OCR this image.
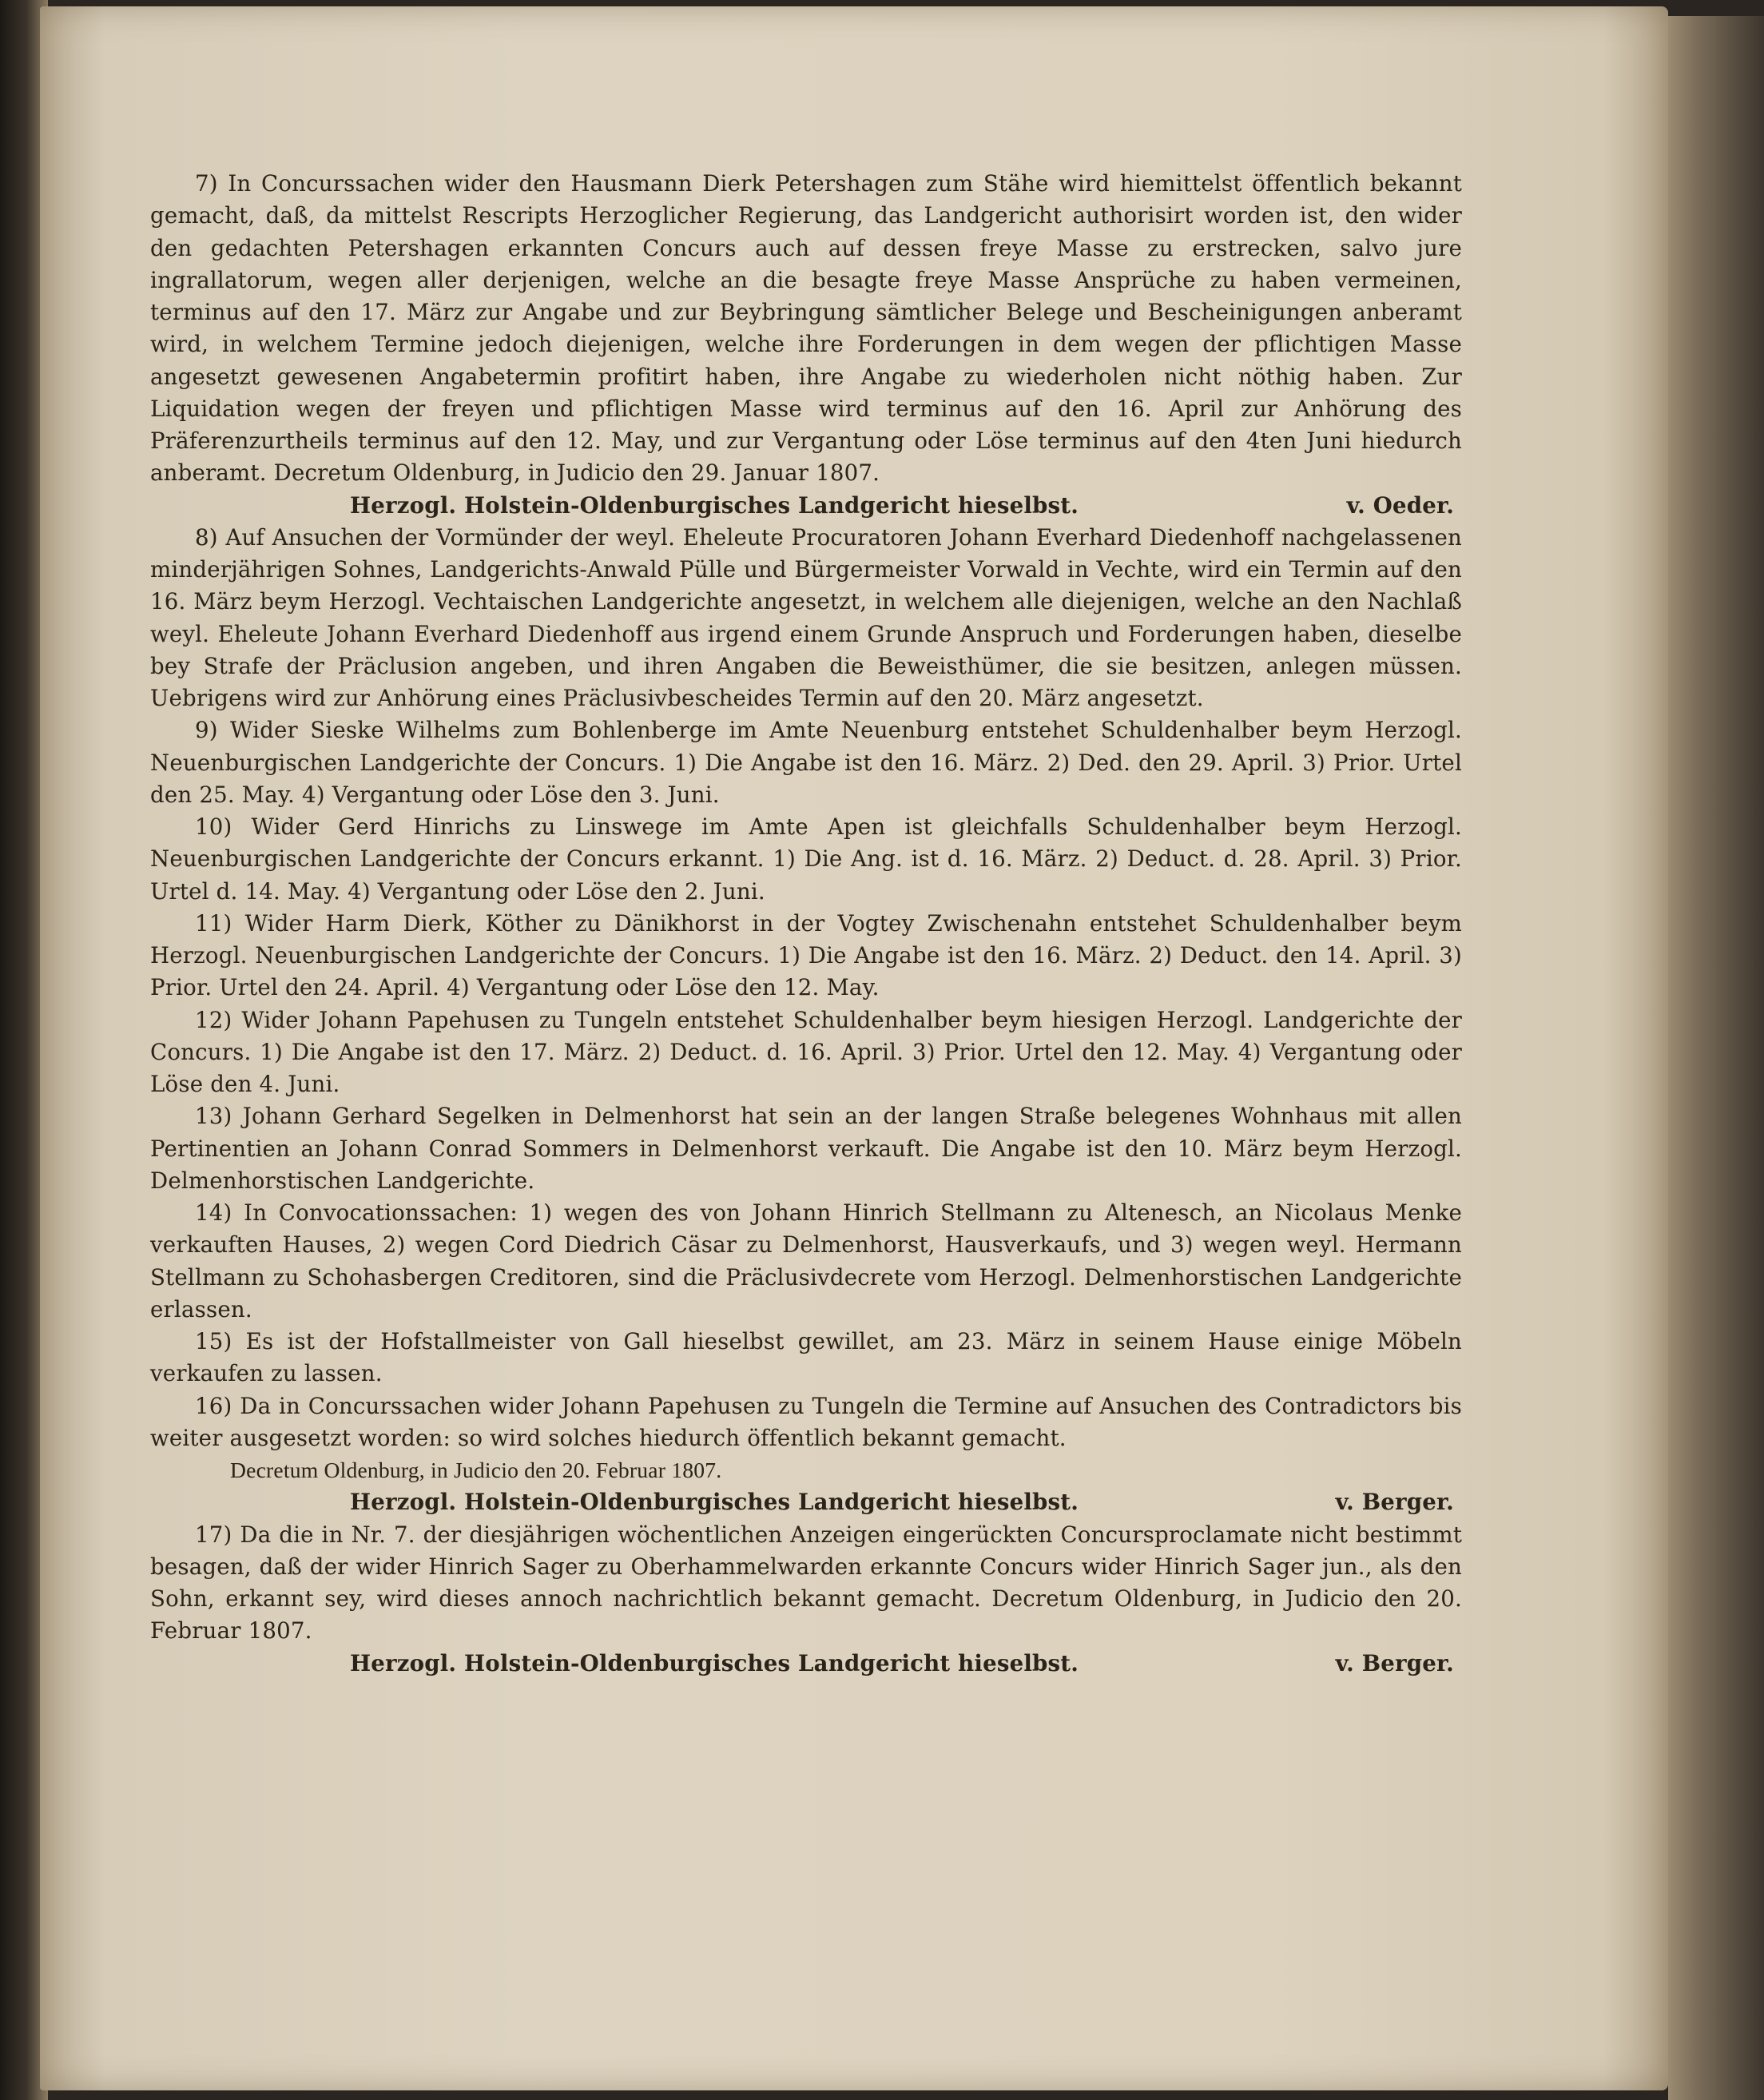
7) In Concurssachen wider den Hausmann Dierk Petershagen zum Stähe wird hiemittelst öffentlich bekannt gemacht, daß, da mittelst Rescripts Herzoglicher Regierung, das Landgericht authorisirt worden ist, den wider den gedachten Petershagen erkannten Concurs auch auf dessen freye Masse zu erstrecken, salvo jure ingrallatorum, wegen aller derjenigen, welche an die besagte freye Masse Ansprüche zu haben vermeinen, terminus auf den 17. März zur Angabe und zur Beybringung sämtlicher Belege und Bescheinigungen anberamt wird, in welchem Termine jedoch diejenigen, welche ihre Forderungen in dem wegen der pflichtigen Masse angesetzt gewesenen Angabetermin profitirt haben, ihre Angabe zu wiederholen nicht nöthig haben. Zur Liquidation wegen der freyen und pflichtigen Masse wird terminus auf den 16. April zur Anhörung des Präferenzurtheils terminus auf den 12. May, und zur Vergantung oder Löse terminus auf den 4ten Juni hiedurch anberamt. Decretum Oldenburg, in Judicio den 29. Januar 1807.

Herzogl. Holstein-Oldenburgisches Landgericht hieselbst.	v. Oeder.

8) Auf Ansuchen der Vormünder der weyl. Eheleute Procuratoren Johann Everhard Diedenhoff nachgelassenen minderjährigen Sohnes, Landgerichts-Anwald Pülle und Bürgermeister Vorwald in Vechte, wird ein Termin auf den 16. März beym Herzogl. Vechtaischen Landgerichte angesetzt, in welchem alle diejenigen, welche an den Nachlaß weyl. Eheleute Johann Everhard Diedenhoff aus irgend einem Grunde Anspruch und Forderungen haben, dieselbe bey Strafe der Präclusion angeben, und ihren Angaben die Beweisthümer, die sie besitzen, anlegen müssen. Uebrigens wird zur Anhörung eines Präclusivbescheides Termin auf den 20. März angesetzt.

9) Wider Sieske Wilhelms zum Bohlenberge im Amte Neuenburg entstehet Schuldenhalber beym Herzogl. Neuenburgischen Landgerichte der Concurs. 1) Die Angabe ist den 16. März. 2) Ded. den 29. April. 3) Prior. Urtel den 25. May. 4) Vergantung oder Löse den 3. Juni.

10) Wider Gerd Hinrichs zu Linswege im Amte Apen ist gleichfalls Schuldenhalber beym Herzogl. Neuenburgischen Landgerichte der Concurs erkannt. 1) Die Ang. ist d. 16. März. 2) Deduct. d. 28. April. 3) Prior. Urtel d. 14. May. 4) Vergantung oder Löse den 2. Juni.

11) Wider Harm Dierk, Köther zu Dänikhorst in der Vogtey Zwischenahn entstehet Schuldenhalber beym Herzogl. Neuenburgischen Landgerichte der Concurs. 1) Die Angabe ist den 16. März. 2) Deduct. den 14. April. 3) Prior. Urtel den 24. April. 4) Vergantung oder Löse den 12. May.

12) Wider Johann Papehusen zu Tungeln entstehet Schuldenhalber beym hiesigen Herzogl. Landgerichte der Concurs. 1) Die Angabe ist den 17. März. 2) Deduct. d. 16. April. 3) Prior. Urtel den 12. May. 4) Vergantung oder Löse den 4. Juni.

13) Johann Gerhard Segelken in Delmenhorst hat sein an der langen Straße belegenes Wohnhaus mit allen Pertinentien an Johann Conrad Sommers in Delmenhorst verkauft. Die Angabe ist den 10. März beym Herzogl. Delmenhorstischen Landgerichte.

14) In Convocationssachen: 1) wegen des von Johann Hinrich Stellmann zu Altenesch, an Nicolaus Menke verkauften Hauses, 2) wegen Cord Diedrich Cäsar zu Delmenhorst, Hausverkaufs, und 3) wegen weyl. Hermann Stellmann zu Schohasbergen Creditoren, sind die Präclusivdecrete vom Herzogl. Delmenhorstischen Landgerichte erlassen.

15) Es ist der Hofstallmeister von Gall hieselbst gewillet, am 23. März in seinem Hause einige Möbeln verkaufen zu lassen.

16) Da in Concurssachen wider Johann Papehusen zu Tungeln die Termine auf Ansuchen des Contradictors bis weiter ausgesetzt worden: so wird solches hiedurch öffentlich bekannt gemacht.

Decretum Oldenburg, in Judicio den 20. Februar 1807.

Herzogl. Holstein-Oldenburgisches Landgericht hieselbst.	v. Berger.

17) Da die in Nr. 7. der diesjährigen wöchentlichen Anzeigen eingerückten Concursproclamate nicht bestimmt besagen, daß der wider Hinrich Sager zu Oberhammelwarden erkannte Concurs wider Hinrich Sager jun., als den Sohn, erkannt sey, wird dieses annoch nachrichtlich bekannt gemacht. Decretum Oldenburg, in Judicio den 20. Februar 1807.

Herzogl. Holstein-Oldenburgisches Landgericht hieselbst.	v. Berger.
